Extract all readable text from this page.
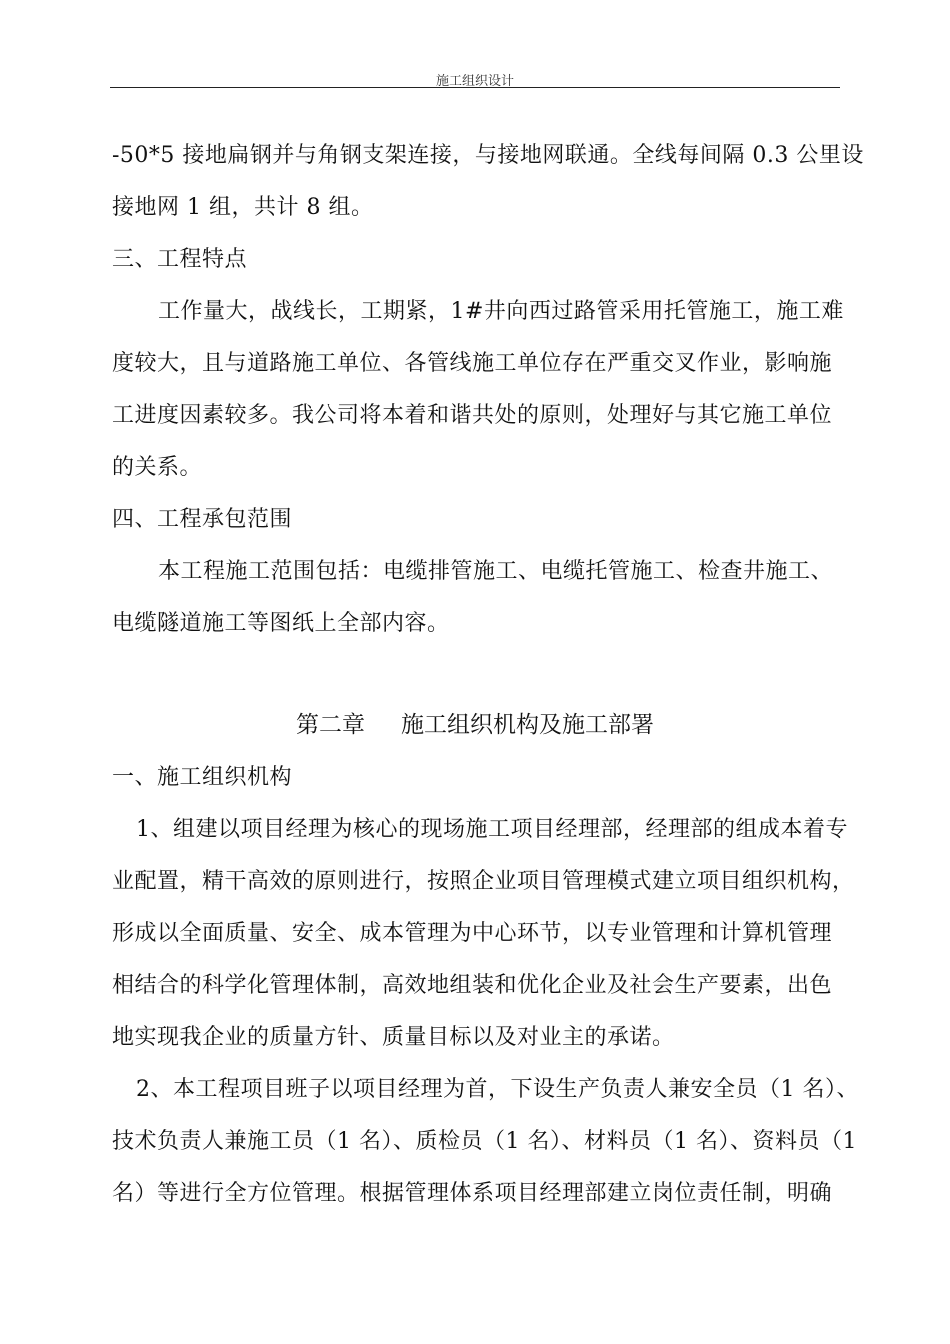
施工组织设计
-50*5 接地扁钢并与角钢支架连接，与接地网联通。全线每间隔 0.3 公里设
接地网 1 组，共计 8 组。
三、工程特点
工作量大，战线长，工期紧，1#井向西过路管采用托管施工，施工难
度较大，且与道路施工单位、各管线施工单位存在严重交叉作业，影响施
工进度因素较多。我公司将本着和谐共处的原则，处理好与其它施工单位
的关系。
四、工程承包范围
本工程施工范围包括：电缆排管施工、电缆托管施工、检查井施工、
电缆隧道施工等图纸上全部内容。
第二章 施工组织机构及施工部署
一、施工组织机构
1、组建以项目经理为核心的现场施工项目经理部，经理部的组成本着专
业配置，精干高效的原则进行，按照企业项目管理模式建立项目组织机构，
形成以全面质量、安全、成本管理为中心环节，以专业管理和计算机管理
相结合的科学化管理体制，高效地组装和优化企业及社会生产要素，出色
地实现我企业的质量方针、质量目标以及对业主的承诺。
2、本工程项目班子以项目经理为首，下设生产负责人兼安全员（1 名）、
技术负责人兼施工员（1 名）、质检员（1 名）、材料员（1 名）、资料员（1
名）等进行全方位管理。根据管理体系项目经理部建立岗位责任制，明确
